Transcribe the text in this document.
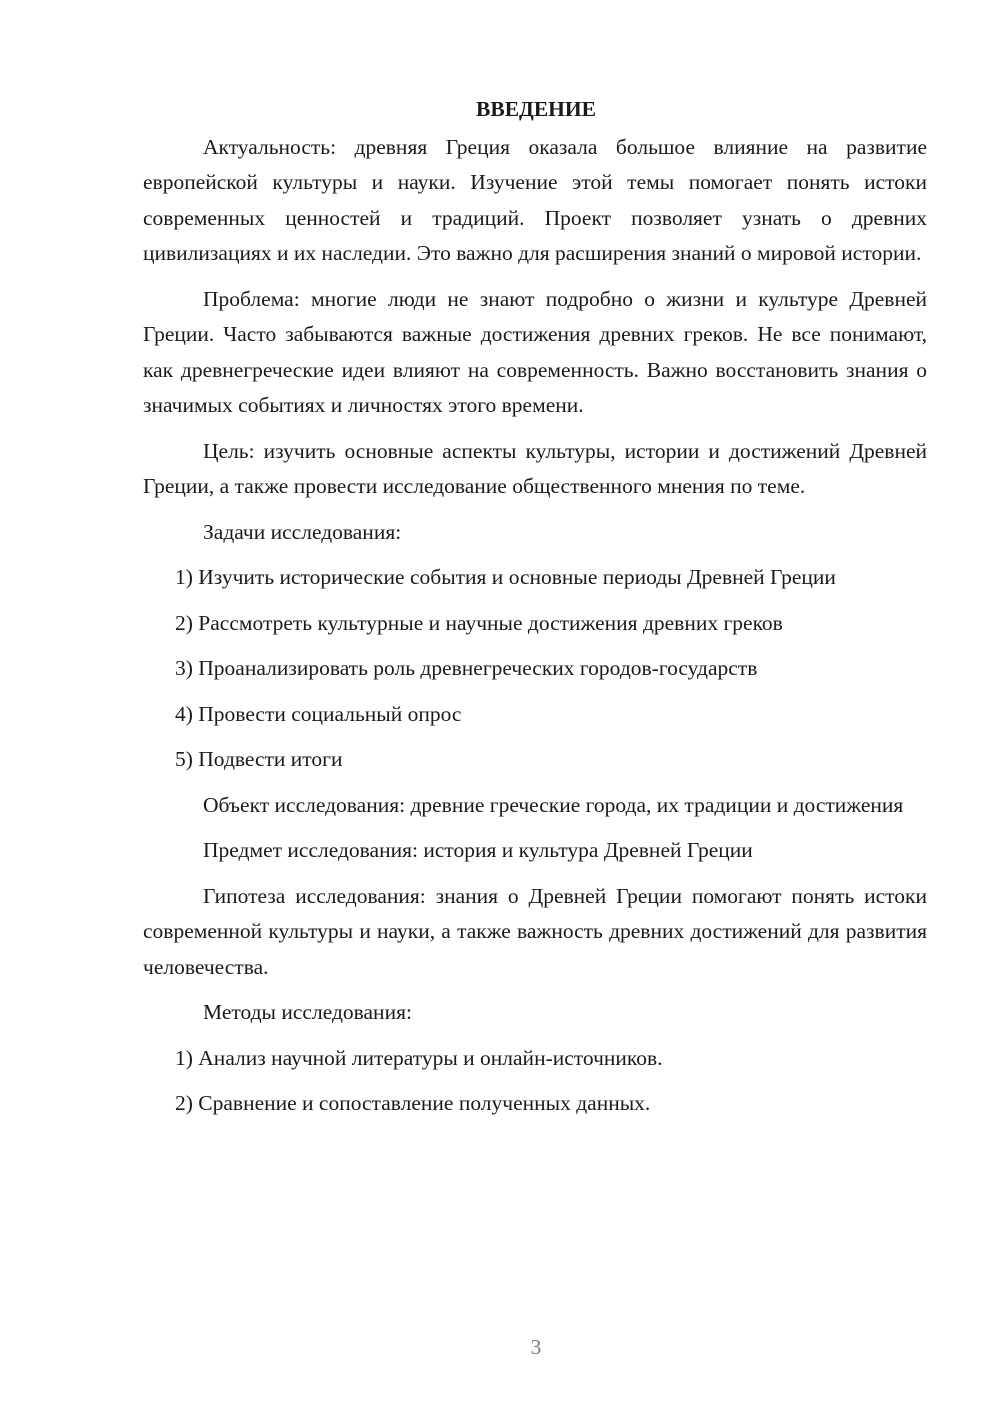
ВВЕДЕНИЕ

Актуальность: древняя Греция оказала большое влияние на развитие европейской культуры и науки. Изучение этой темы помогает понять истоки современных ценностей и традиций. Проект позволяет узнать о древних цивилизациях и их наследии. Это важно для расширения знаний о мировой истории.

Проблема: многие люди не знают подробно о жизни и культуре Древней Греции. Часто забываются важные достижения древних греков. Не все понимают, как древнегреческие идеи влияют на современность. Важно восстановить знания о значимых событиях и личностях этого времени.

Цель: изучить основные аспекты культуры, истории и достижений Древней Греции, а также провести исследование общественного мнения по теме.

Задачи исследования:

1) Изучить исторические события и основные периоды Древней Греции

2) Рассмотреть культурные и научные достижения древних греков

3) Проанализировать роль древнегреческих городов-государств

4) Провести социальный опрос

5) Подвести итоги

Объект исследования: древние греческие города, их традиции и достижения

Предмет исследования: история и культура Древней Греции

Гипотеза исследования: знания о Древней Греции помогают понять истоки современной культуры и науки, а также важность древних достижений для развития человечества.

Методы исследования:

1) Анализ научной литературы и онлайн-источников.

2) Сравнение и сопоставление полученных данных.

3
